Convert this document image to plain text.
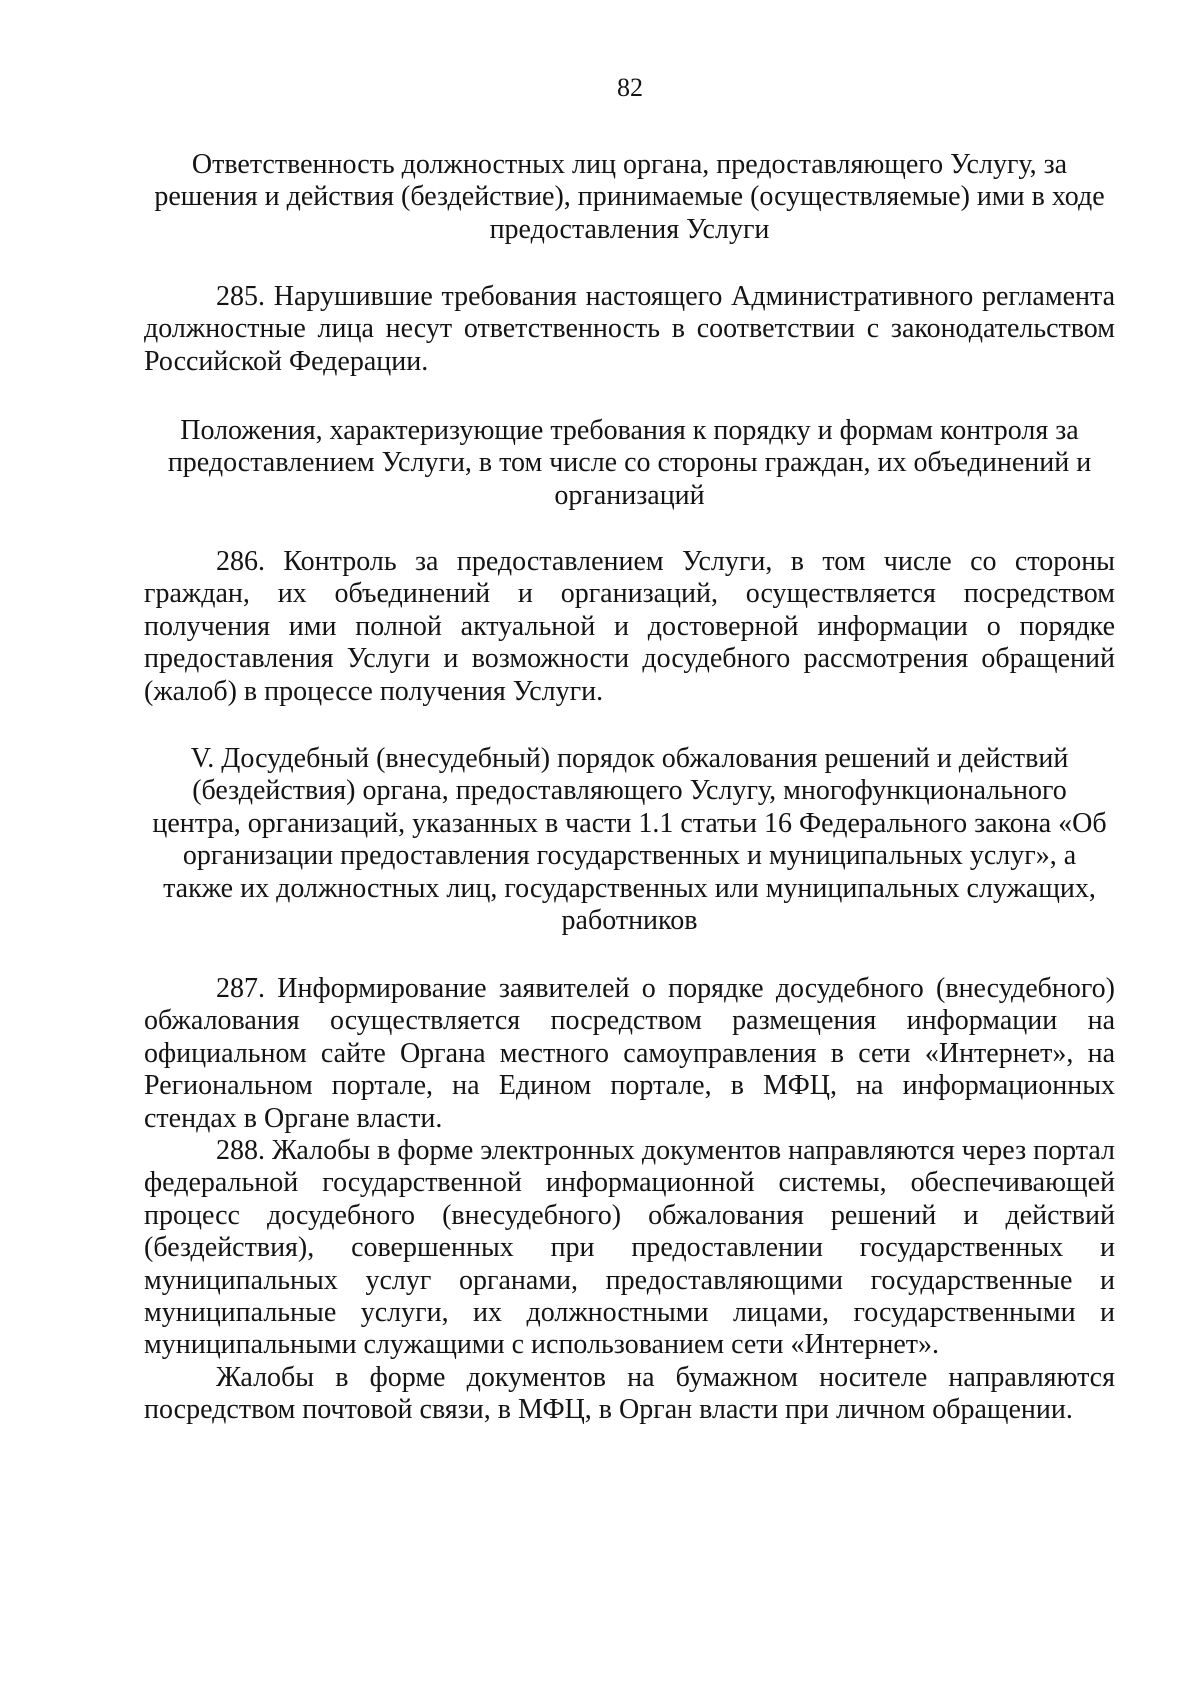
82
Ответственность должностных лиц органа, предоставляющего Услугу, за
решения и действия (бездействие), принимаемые (осуществляемые) ими в ходе
предоставления Услуги

285. Нарушившие требования настоящего Административного регламента должностные лица несут ответственность в соответствии с законодательством Российской Федерации.

Положения, характеризующие требования к порядку и формам контроля за
предоставлением Услуги, в том числе со стороны граждан, их объединений и
организаций

286. Контроль за предоставлением Услуги, в том числе со стороны граждан, их объединений и организаций, осуществляется посредством получения ими полной актуальной и достоверной информации о порядке предоставления Услуги и возможности досудебного рассмотрения обращений (жалоб) в процессе получения Услуги.

V. Досудебный (внесудебный) порядок обжалования решений и действий
(бездействия) органа, предоставляющего Услугу, многофункционального
центра, организаций, указанных в части 1.1 статьи 16 Федерального закона «Об
организации предоставления государственных и муниципальных услуг», а
также их должностных лиц, государственных или муниципальных служащих,
работников

287. Информирование заявителей о порядке досудебного (внесудебного) обжалования осуществляется посредством размещения информации на официальном сайте Органа местного самоуправления в сети «Интернет», на Региональном портале, на Едином портале, в МФЦ, на информационных стендах в Органе власти.

288. Жалобы в форме электронных документов направляются через портал федеральной государственной информационной системы, обеспечивающей процесс досудебного (внесудебного) обжалования решений и действий (бездействия), совершенных при предоставлении государственных и муниципальных услуг органами, предоставляющими государственные и муниципальные услуги, их должностными лицами, государственными и муниципальными служащими с использованием сети «Интернет».

Жалобы в форме документов на бумажном носителе направляются посредством почтовой связи, в МФЦ, в Орган власти при личном обращении.
